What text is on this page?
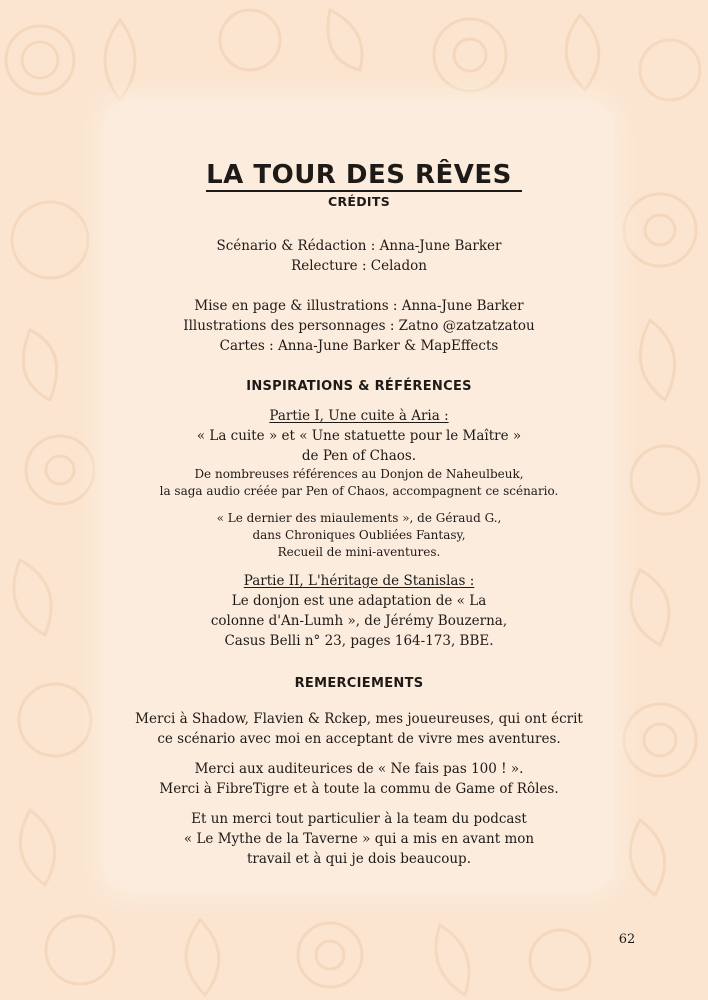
LA TOUR DES RÊVES
CRÉDITS
Scénario & Rédaction : Anna-June Barker
Relecture : Celadon
Mise en page & illustrations : Anna-June Barker
Illustrations des personnages : Zatno @zatzatzatou
Cartes : Anna-June Barker & MapEffects
INSPIRATIONS & RÉFÉRENCES
Partie I, Une cuite à Aria :
« La cuite » et « Une statuette pour le Maître »
de Pen of Chaos.
De nombreuses références au Donjon de Naheulbeuk,
la saga audio créée par Pen of Chaos, accompagnent ce scénario.
« Le dernier des miaulements », de Géraud G.,
dans Chroniques Oubliées Fantasy,
Recueil de mini-aventures.
Partie II, L'héritage de Stanislas :
Le donjon est une adaptation de « La
colonne d'An-Lumh », de Jérémy Bouzerna,
Casus Belli n° 23, pages 164-173, BBE.
REMERCIEMENTS
Merci à Shadow, Flavien & Rckep, mes joueureuses, qui ont écrit
ce scénario avec moi en acceptant de vivre mes aventures.
Merci aux auditeurices de « Ne fais pas 100 ! ».
Merci à FibreTigre et à toute la commu de Game of Rôles.
Et un merci tout particulier à la team du podcast
« Le Mythe de la Taverne » qui a mis en avant mon
travail et à qui je dois beaucoup.
62
